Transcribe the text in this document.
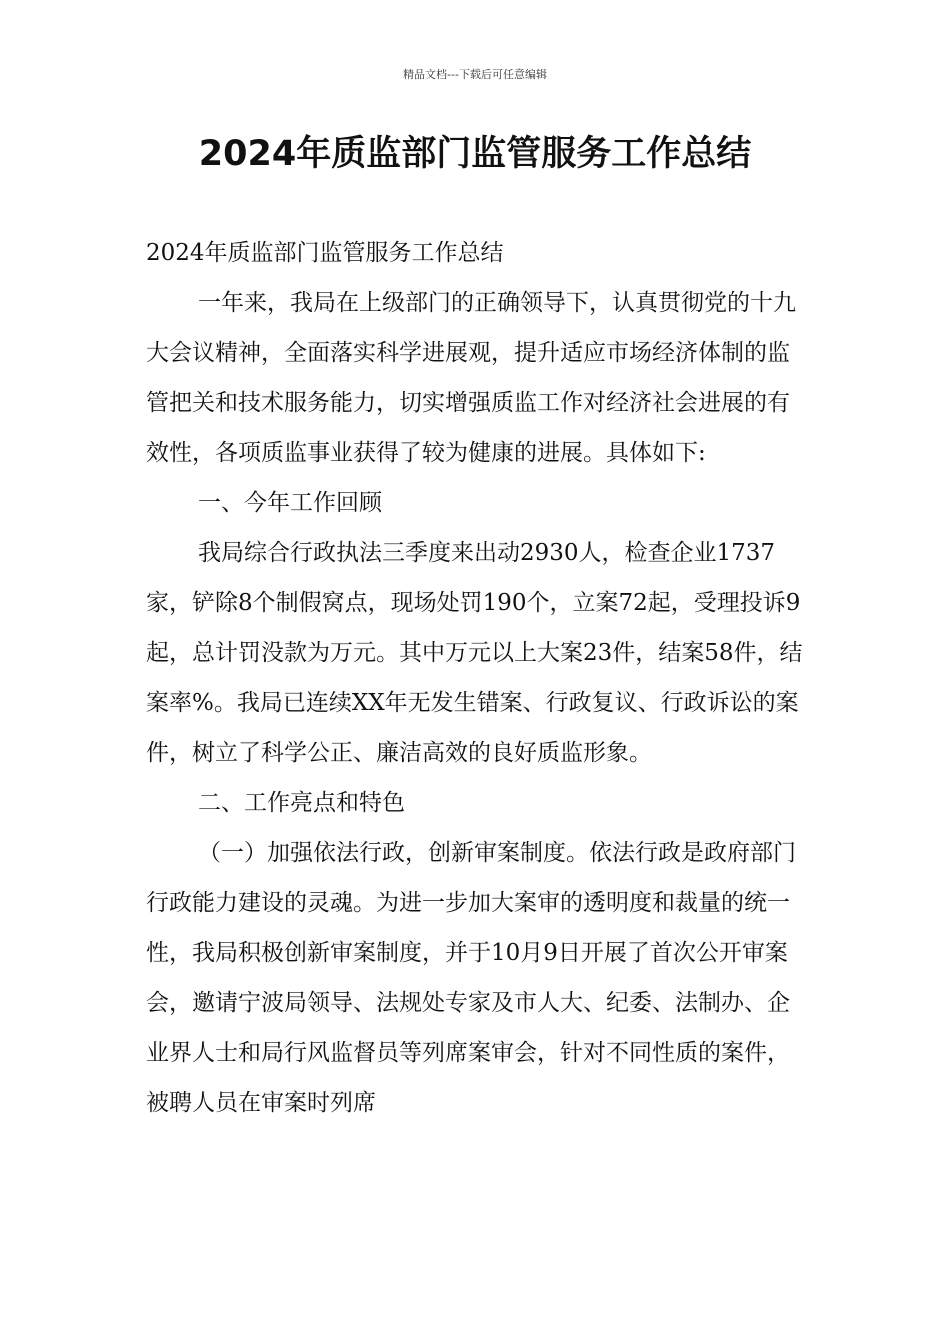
精品文档---下载后可任意编辑
2024年质监部门监管服务工作总结

2024年质监部门监管服务工作总结

一年来，我局在上级部门的正确领导下，认真贯彻党的十九大会议精神，全面落实科学进展观，提升适应市场经济体制的监管把关和技术服务能力，切实增强质监工作对经济社会进展的有效性，各项质监事业获得了较为健康的进展。具体如下:

一、今年工作回顾

我局综合行政执法三季度来出动2930人，检查企业1737家，铲除8个制假窝点，现场处罚190个，立案72起，受理投诉9起，总计罚没款为万元。其中万元以上大案23件，结案58件，结案率%。我局已连续XX年无发生错案、行政复议、行政诉讼的案件，树立了科学公正、廉洁高效的良好质监形象。

二、工作亮点和特色

（一）加强依法行政，创新审案制度。依法行政是政府部门行政能力建设的灵魂。为进一步加大案审的透明度和裁量的统一性，我局积极创新审案制度，并于10月9日开展了首次公开审案会，邀请宁波局领导、法规处专家及市人大、纪委、法制办、企业界人士和局行风监督员等列席案审会，针对不同性质的案件，被聘人员在审案时列席
